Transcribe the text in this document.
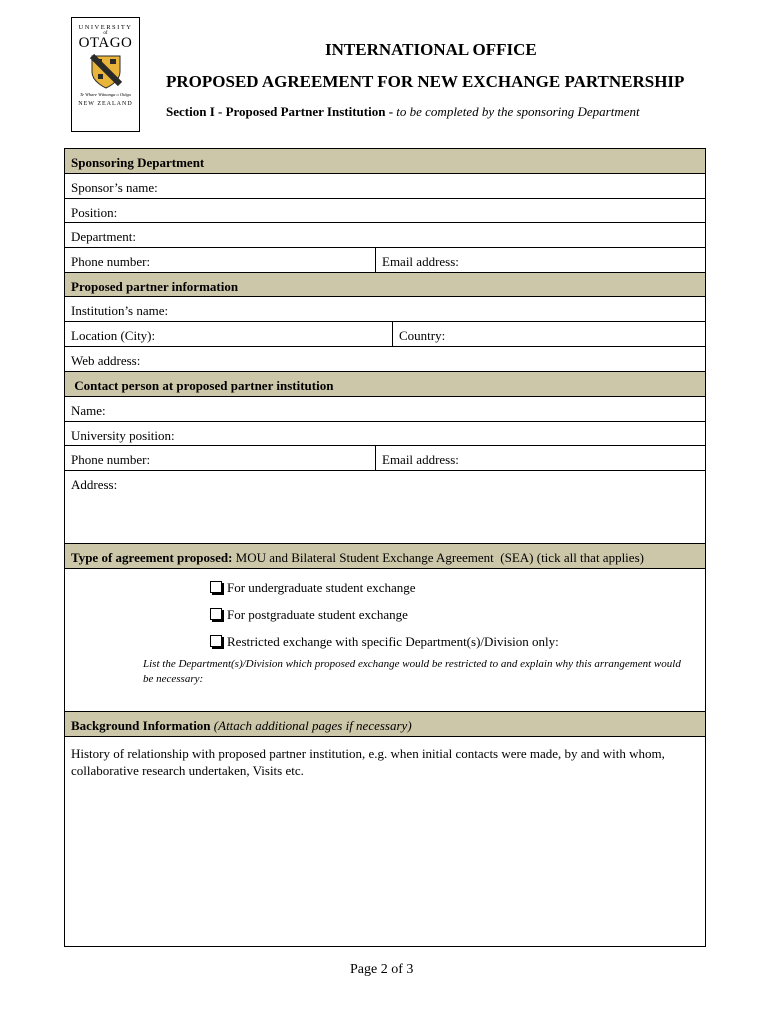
UNIVERSITY
of
OTAGO
Te Whare Wānanga o Otāgo
NEW ZEALAND
INTERNATIONAL OFFICE
PROPOSED AGREEMENT FOR NEW EXCHANGE PARTNERSHIP
Section I - Proposed Partner Institution - to be completed by the sponsoring Department
Sponsoring Department
Sponsor’s name:
Position:
Department:
Phone number:	Email address:
Proposed partner information
Institution’s name:
Location (City):	Country:
Web address:
Contact person at proposed partner institution
Name:
University position:
Phone number:	Email address:
Address:
Type of agreement proposed: MOU and Bilateral Student Exchange Agreement  (SEA) (tick all that applies)
For undergraduate student exchange
For postgraduate student exchange
Restricted exchange with specific Department(s)/Division only:
List the Department(s)/Division which proposed exchange would be restricted to and explain why this arrangement would be necessary:
Background Information (Attach additional pages if necessary)
History of relationship with proposed partner institution, e.g. when initial contacts were made, by and with whom, collaborative research undertaken, Visits etc.
Page 2 of 3
